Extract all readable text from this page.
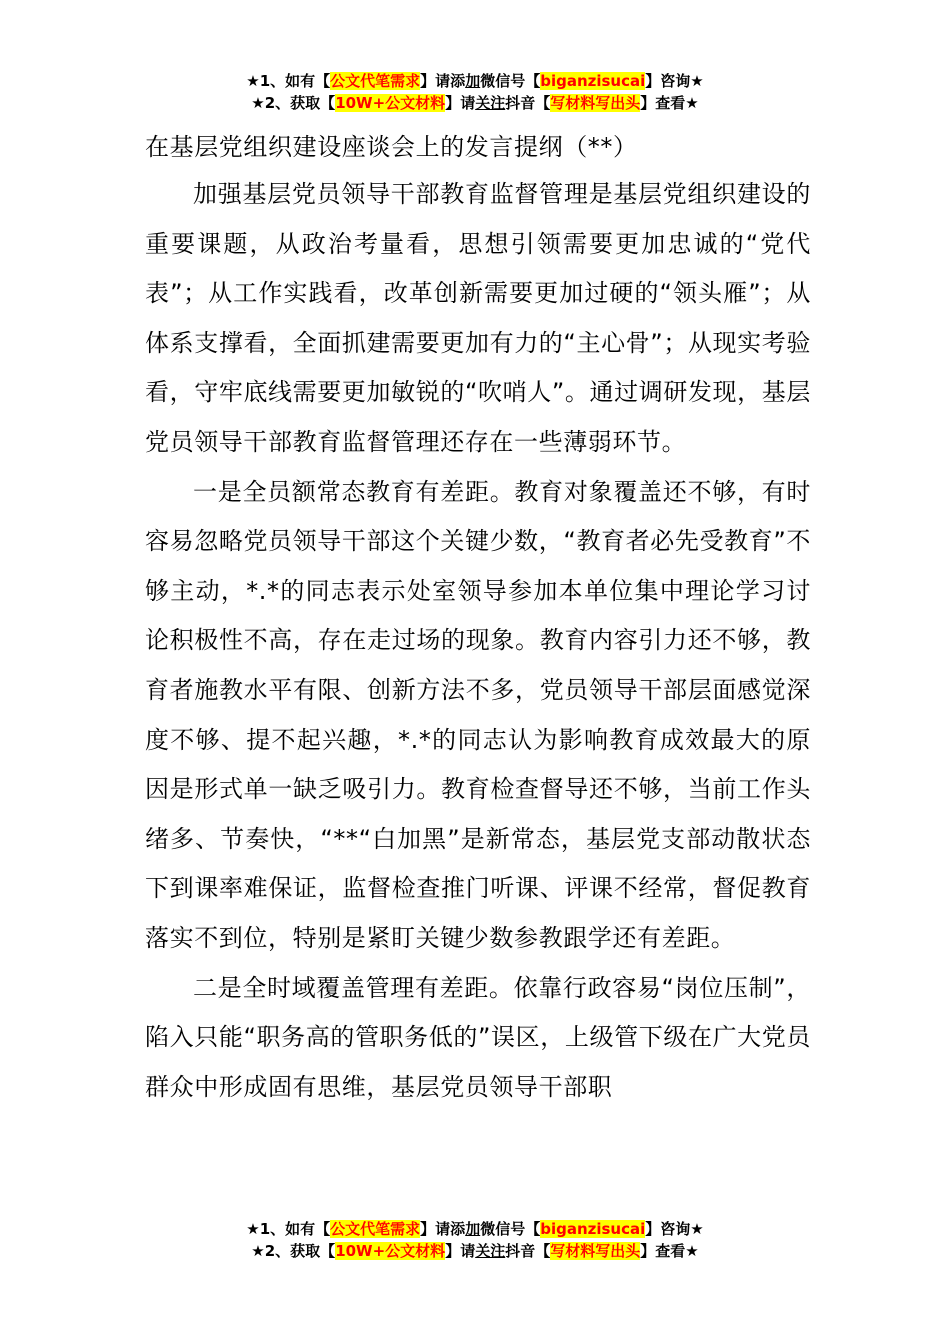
★1、如有【公文代笔需求】请添加微信号【biganzisucai】咨询★
★2、获取【10W+公文材料】请关注抖音【写材料写出头】查看★
在基层党组织建设座谈会上的发言提纲（**）

加强基层党员领导干部教育监督管理是基层党组织建设的重要课题，从政治考量看，思想引领需要更加忠诚的“党代表”；从工作实践看，改革创新需要更加过硬的“领头雁”；从体系支撑看，全面抓建需要更加有力的“主心骨”；从现实考验看，守牢底线需要更加敏锐的“吹哨人”。通过调研发现，基层党员领导干部教育监督管理还存在一些薄弱环节。

一是全员额常态教育有差距。教育对象覆盖还不够，有时容易忽略党员领导干部这个关键少数，“教育者必先受教育”不够主动，*.*的同志表示处室领导参加本单位集中理论学习讨论积极性不高，存在走过场的现象。教育内容引力还不够，教育者施教水平有限、创新方法不多，党员领导干部层面感觉深度不够、提不起兴趣，*.*的同志认为影响教育成效最大的原因是形式单一缺乏吸引力。教育检查督导还不够，当前工作头绪多、节奏快，“**“白加黑”是新常态，基层党支部动散状态下到课率难保证，监督检查推门听课、评课不经常，督促教育落实不到位，特别是紧盯关键少数参教跟学还有差距。

二是全时域覆盖管理有差距。依靠行政容易“岗位压制”，陷入只能“职务高的管职务低的”误区，上级管下级在广大党员群众中形成固有思维，基层党员领导干部职

★1、如有【公文代笔需求】请添加微信号【biganzisucai】咨询★
★2、获取【10W+公文材料】请关注抖音【写材料写出头】查看★
